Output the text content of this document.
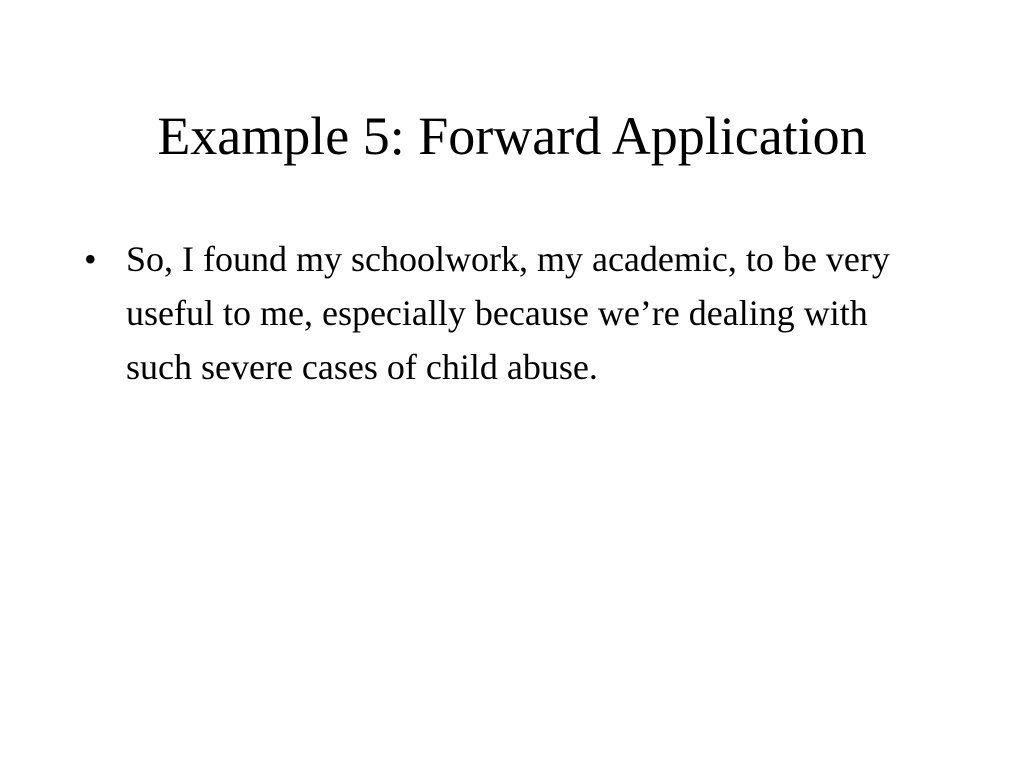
Example 5: Forward Application
• So, I found my schoolwork, my academic, to be very useful to me, especially because we’re dealing with such severe cases of child abuse.
